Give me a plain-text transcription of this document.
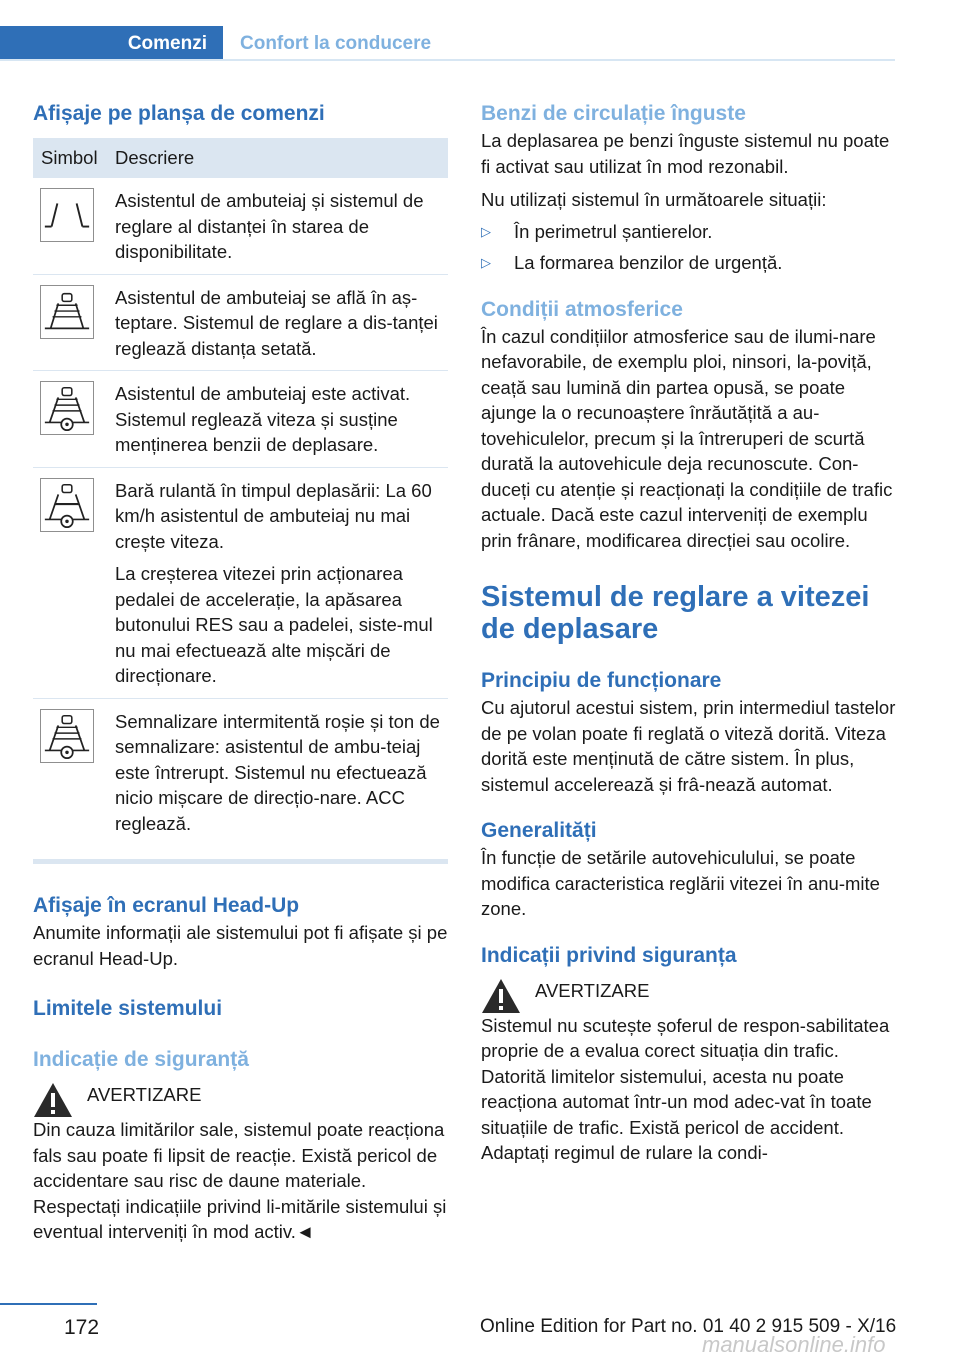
Comenzi	Confort la conducere
Afișaje pe planșa de comenzi
Simbol Descriere

Asistentul de ambuteiaj și sistemul de reglare al distanței în starea de disponibilitate.

Asistentul de ambuteiaj se află în aș-teptare. Sistemul de reglare a dis-tanței reglează distanța setată.

Asistentul de ambuteiaj este activat. Sistemul reglează viteza și susține menținerea benzii de deplasare.

Bară rulantă în timpul deplasării: La 60 km/h asistentul de ambuteiaj nu mai crește viteza.

La creșterea vitezei prin acționarea pedalei de accelerație, la apăsarea butonului RES sau a padelei, siste-mul nu mai efectuează alte mișcări de direcționare.

Semnalizare intermitentă roșie și ton de semnalizare: asistentul de ambu-teiaj este întrerupt. Sistemul nu efectuează nicio mișcare de direcțio-nare. ACC reglează.

Afișaje în ecranul Head-Up

Anumite informații ale sistemului pot fi afișate și pe ecranul Head-Up.

Limitele sistemului
Indicație de siguranță

AVERTIZARE

Din cauza limitărilor sale, sistemul poate reacționa fals sau poate fi lipsit de reacție. Există pericol de accidentare sau risc de daune materiale. Respectați indicațiile privind li-mitările sistemului și eventual interveniți în mod activ.◄

Benzi de circulație înguste

La deplasarea pe benzi înguste sistemul nu poate fi activat sau utilizat în mod rezonabil.

Nu utilizați sistemul în următoarele situații:

▷	În perimetrul șantierelor.
▷	La formarea benzilor de urgență.
Condiții atmosferice

În cazul condițiilor atmosferice sau de ilumi-nare nefavorabile, de exemplu ploi, ninsori, la-poviță, ceață sau lumină din partea opusă, se poate ajunge la o recunoaștere înrăutățită a au-tovehiculelor, precum și la întreruperi de scurtă durată la autovehicule deja recunoscute. Con-duceți cu atenție și reacționați la condițiile de trafic actuale. Dacă este cazul interveniți de exemplu prin frânare, modificarea direcției sau ocolire.

Sistemul de reglare a vitezei de deplasare
Principiu de funcționare

Cu ajutorul acestui sistem, prin intermediul tastelor de pe volan poate fi reglată o viteză dorită. Viteza dorită este menținută de către sistem. În plus, sistemul accelerează și frâ-nează automat.

Generalități

În funcție de setările autovehiculului, se poate modifica caracteristica reglării vitezei în anu-mite zone.

Indicații privind siguranța

AVERTIZARE

Sistemul nu scutește șoferul de respon-sabilitatea proprie de a evalua corect situația din trafic. Datorită limitelor sistemului, acesta nu poate reacționa automat într-un mod adec-vat în toate situațiile de trafic. Există pericol de accident. Adaptați regimul de rulare la condi-

172	Online Edition for Part no. 01 40 2 915 509 - X/16
manualsonline.info
